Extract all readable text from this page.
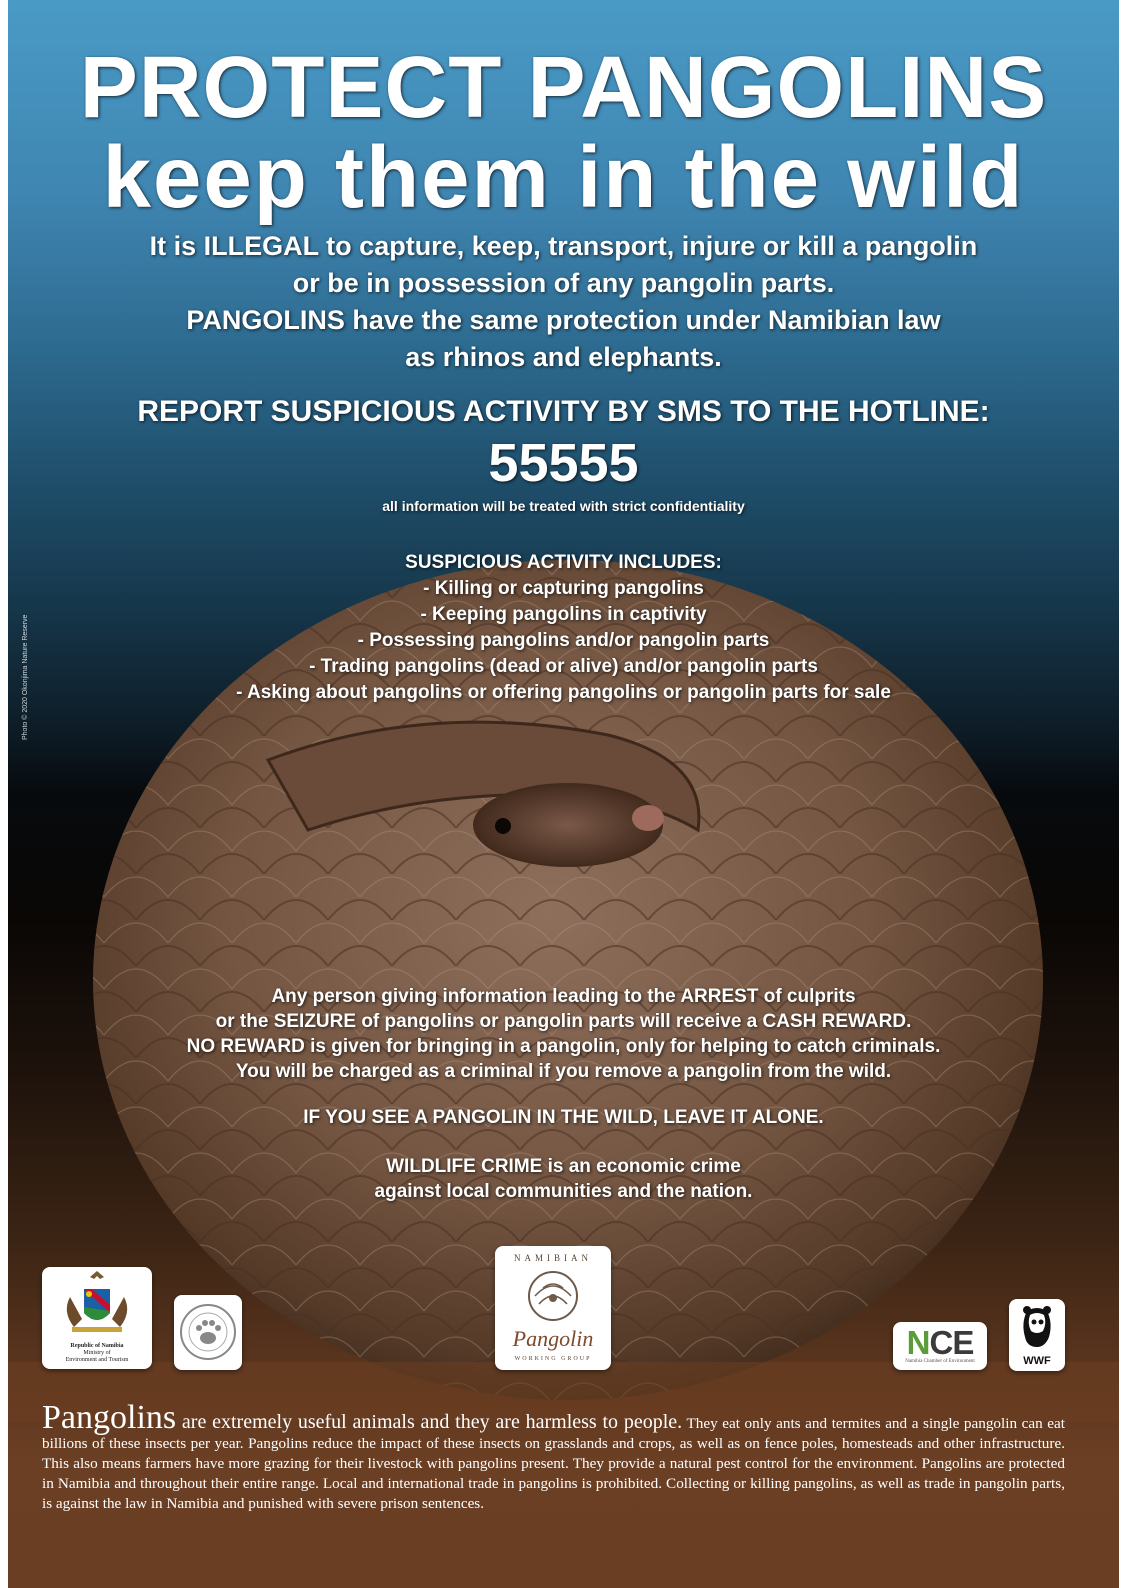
Photo © 2020 Okonjima Nature Reserve
PROTECT PANGOLINS
keep them in the wild
It is ILLEGAL to capture, keep, transport, injure or kill a pangolin
or be in possession of any pangolin parts.
PANGOLINS have the same protection under Namibian law
as rhinos and elephants.
REPORT SUSPICIOUS ACTIVITY BY SMS TO THE HOTLINE:
55555
all information will be treated with strict confidentiality
SUSPICIOUS ACTIVITY INCLUDES:
- Killing or capturing pangolins
- Keeping pangolins in captivity
- Possessing pangolins and/or pangolin parts
- Trading pangolins (dead or alive) and/or pangolin parts
- Asking about pangolins or offering pangolins or pangolin parts for sale
Any person giving information leading to the ARREST of culprits
or the SEIZURE of pangolins or pangolin parts will receive a CASH REWARD.
NO REWARD is given for bringing in a pangolin, only for helping to catch criminals.
You will be charged as a criminal if you remove a pangolin from the wild.
IF YOU SEE A PANGOLIN IN THE WILD, LEAVE IT ALONE.
WILDLIFE CRIME is an economic crime
against local communities and the nation.
Republic of Namibia
Ministry of
Environment and Tourism
NAMIBIAN
Pangolin
WORKING GROUP	NCE
Namibia Chamber of Environment	WWF
Pangolins are extremely useful animals and they are harmless to people. They eat only ants and termites and a single pangolin can eat billions of these insects per year. Pangolins reduce the impact of these insects on grasslands and crops, as well as on fence poles, homesteads and other infrastructure. This also means farmers have more grazing for their livestock with pangolins present. They provide a natural pest control for the environment. Pangolins are protected in Namibia and throughout their entire range. Local and international trade in pangolins is prohibited. Collecting or killing pangolins, as well as trade in pangolin parts, is against the law in Namibia and punished with severe prison sentences.
